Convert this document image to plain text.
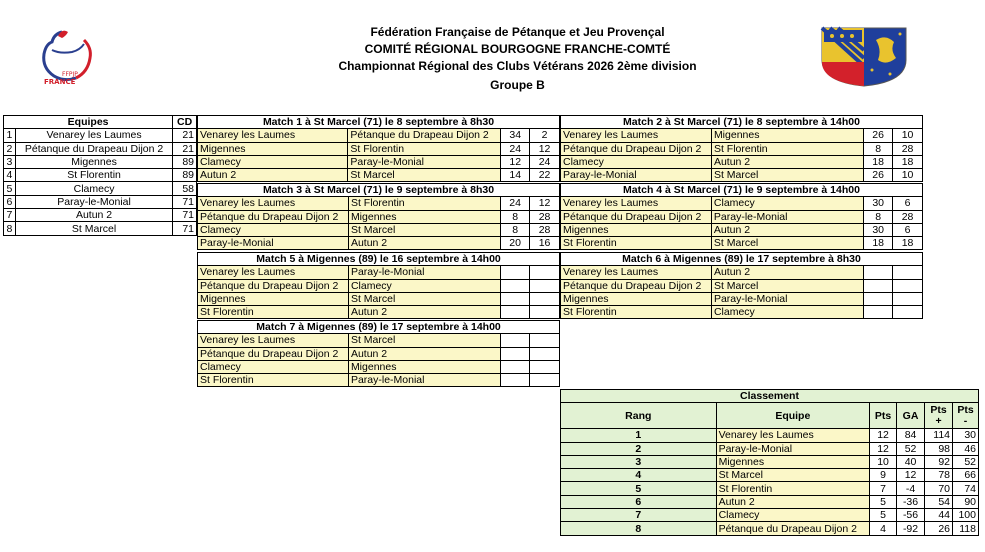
FFPJP
FRANCE
Fédération Française de Pétanque et Jeu Provençal
COMITÉ RÉGIONAL BOURGOGNE FRANCHE-COMTÉ
Championnat Régional des Clubs Vétérans 2026 2ème division
Groupe B
Equipes		CD
1	Venarey les Laumes	21
2	Pétanque du Drapeau Dijon 2	21
3	Migennes	89
4	St Florentin	89
5	Clamecy	58
6	Paray-le-Monial	71
7	Autun 2	71
8	St Marcel	71
Match 1 à St Marcel (71) le 8 septembre à 8h30			
Venarey les Laumes	Pétanque du Drapeau Dijon 2	34	2
Migennes	St Florentin	24	12
Clamecy	Paray-le-Monial	12	24
Autun 2	St Marcel	14	22
Match 2 à St Marcel (71) le 8 septembre à 14h00			
Venarey les Laumes	Migennes	26	10
Pétanque du Drapeau Dijon 2	St Florentin	8	28
Clamecy	Autun 2	18	18
Paray-le-Monial	St Marcel	26	10
Match 3 à St Marcel (71) le 9 septembre à 8h30			
Venarey les Laumes	St Florentin	24	12
Pétanque du Drapeau Dijon 2	Migennes	8	28
Clamecy	St Marcel	8	28
Paray-le-Monial	Autun 2	20	16
Match 4 à St Marcel (71) le 9 septembre à 14h00			
Venarey les Laumes	Clamecy	30	6
Pétanque du Drapeau Dijon 2	Paray-le-Monial	8	28
Migennes	Autun 2	30	6
St Florentin	St Marcel	18	18
Match 5 à Migennes (89) le 16 septembre à 14h00			
Venarey les Laumes	Paray-le-Monial		
Pétanque du Drapeau Dijon 2	Clamecy		
Migennes	St Marcel		
St Florentin	Autun 2		
Match 6 à Migennes (89) le 17 septembre à 8h30			
Venarey les Laumes	Autun 2		
Pétanque du Drapeau Dijon 2	St Marcel		
Migennes	Paray-le-Monial		
St Florentin	Clamecy		
Match 7 à Migennes (89) le 17 septembre à 14h00			
Venarey les Laumes	St Marcel		
Pétanque du Drapeau Dijon 2	Autun 2		
Clamecy	Migennes		
St Florentin	Paray-le-Monial		
Classement					
Rang	Equipe	Pts	GA	Pts +	Pts -
1	Venarey les Laumes	12	84	114	30
2	Paray-le-Monial	12	52	98	46
3	Migennes	10	40	92	52
4	St Marcel	9	12	78	66
5	St Florentin	7	-4	70	74
6	Autun 2	5	-36	54	90
7	Clamecy	5	-56	44	100
8	Pétanque du Drapeau Dijon 2	4	-92	26	118
